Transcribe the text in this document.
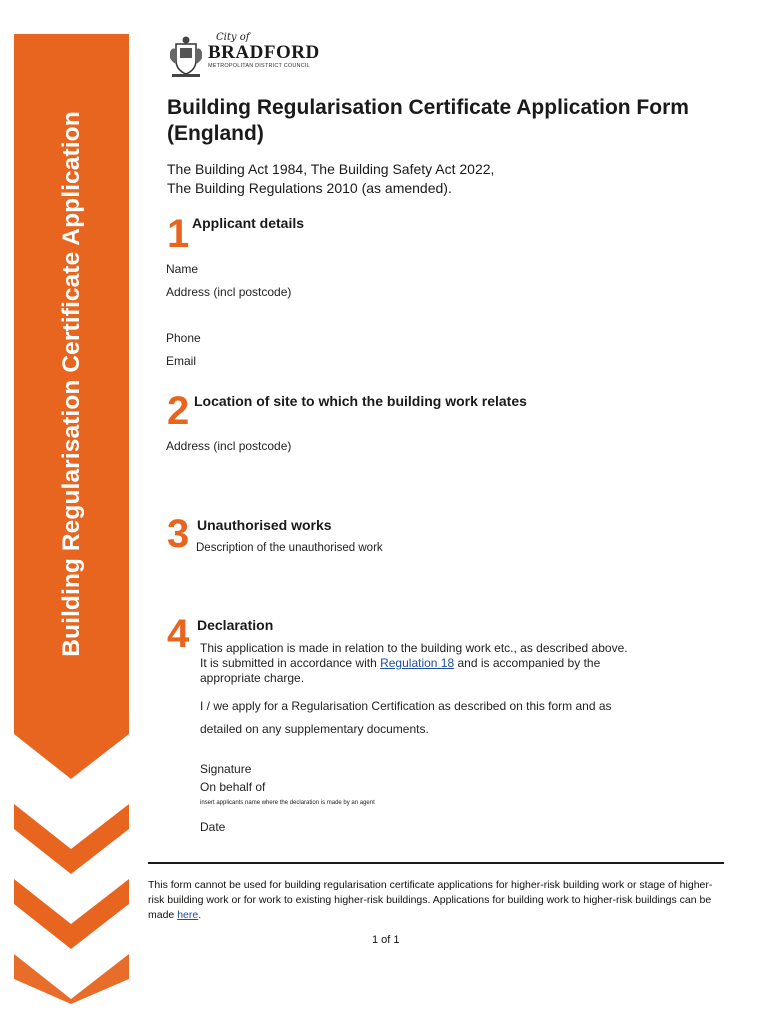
Building Regularisation Certificate Application
City of
BRADFORD
METROPOLITAN DISTRICT COUNCIL
Building Regularisation Certificate Application Form (England)
The Building Act 1984, The Building Safety Act 2022,
The Building Regulations 2010 (as amended).
1 Applicant details
Name
Address (incl postcode)
Phone
Email
2 Location of site to which the building work relates
Address (incl postcode)
3 Unauthorised works
Description of the unauthorised work
4 Declaration
This application is made in relation to the building work etc., as described above.
It is submitted in accordance with Regulation 18 and is accompanied by the
appropriate charge.
I / we apply for a Regularisation Certification as described on this form and as
detailed on any supplementary documents.
Signature
On behalf of
insert applicants name where the declaration is made by an agent
Date
This form cannot be used for building regularisation certificate applications for higher-risk building work or stage of higher-risk building work or for work to existing higher-risk buildings. Applications for building work to higher-risk buildings can be made here.
1 of 1
